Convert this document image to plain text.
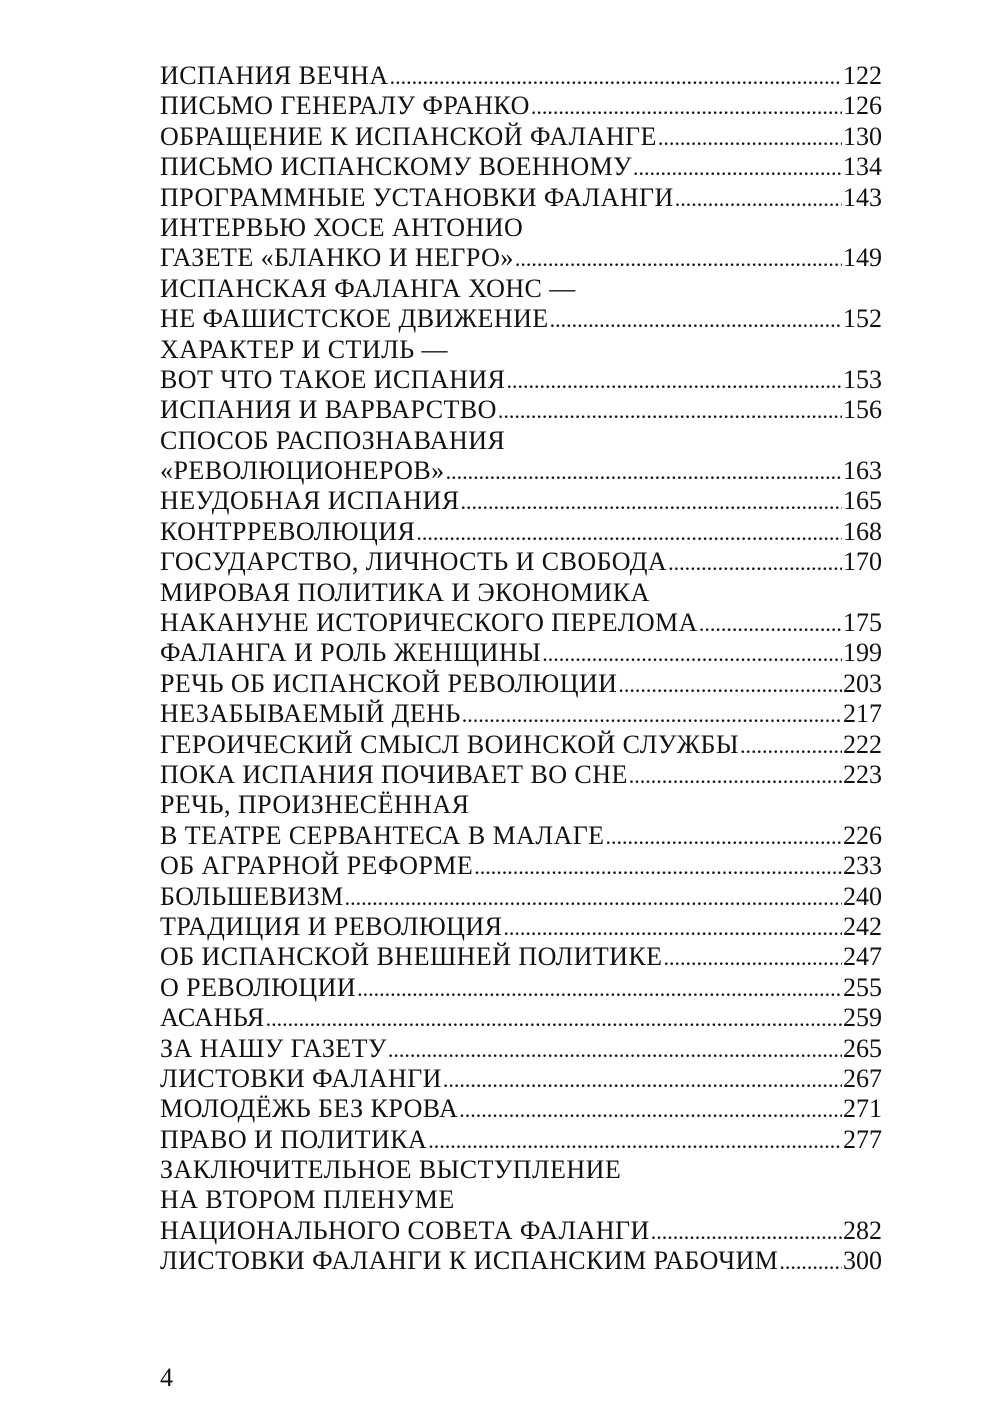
ИСПАНИЯ ВЕЧНА .....	122
ПИСЬМО ГЕНЕРАЛУ ФРАНКО .....	126
ОБРАЩЕНИЕ К ИСПАНСКОЙ ФАЛАНГЕ .....	130
ПИСЬМО ИСПАНСКОМУ ВОЕННОМУ .....	134
ПРОГРАММНЫЕ УСТАНОВКИ ФАЛАНГИ .....	143
ИНТЕРВЬЮ ХОСЕ АНТОНИО
ГАЗЕТЕ «БЛАНКО И НЕГРО» .....	149
ИСПАНСКАЯ ФАЛАНГА ХОНС —
НЕ ФАШИСТСКОЕ ДВИЖЕНИЕ .....	152
ХАРАКТЕР И СТИЛЬ —
ВОТ ЧТО ТАКОЕ ИСПАНИЯ .....	153
ИСПАНИЯ И ВАРВАРСТВО .....	156
СПОСОБ РАСПОЗНАВАНИЯ
«РЕВОЛЮЦИОНЕРОВ» .....	163
НЕУДОБНАЯ ИСПАНИЯ .....	165
КОНТРРЕВОЛЮЦИЯ .....	168
ГОСУДАРСТВО, ЛИЧНОСТЬ И СВОБОДА .....	170
МИРОВАЯ ПОЛИТИКА И ЭКОНОМИКА
НАКАНУНЕ ИСТОРИЧЕСКОГО ПЕРЕЛОМА .....	175
ФАЛАНГА И РОЛЬ ЖЕНЩИНЫ .....	199
РЕЧЬ ОБ ИСПАНСКОЙ РЕВОЛЮЦИИ .....	203
НЕЗАБЫВАЕМЫЙ ДЕНЬ .....	217
ГЕРОИЧЕСКИЙ СМЫСЛ ВОИНСКОЙ СЛУЖБЫ .....	222
ПОКА ИСПАНИЯ ПОЧИВАЕТ ВО СНЕ .....	223
РЕЧЬ, ПРОИЗНЕСЁННАЯ
В ТЕАТРЕ СЕРВАНТЕСА В МАЛАГЕ .....	226
ОБ АГРАРНОЙ РЕФОРМЕ .....	233
БОЛЬШЕВИЗМ .....	240
ТРАДИЦИЯ И РЕВОЛЮЦИЯ .....	242
ОБ ИСПАНСКОЙ ВНЕШНЕЙ ПОЛИТИКЕ .....	247
О РЕВОЛЮЦИИ .....	255
АСАНЬЯ .....	259
ЗА НАШУ ГАЗЕТУ .....	265
ЛИСТОВКИ ФАЛАНГИ .....	267
МОЛОДЁЖЬ БЕЗ КРОВА .....	271
ПРАВО И ПОЛИТИКА .....	277
ЗАКЛЮЧИТЕЛЬНОЕ ВЫСТУПЛЕНИЕ
НА ВТОРОМ ПЛЕНУМЕ
НАЦИОНАЛЬНОГО СОВЕТА ФАЛАНГИ .....	282
ЛИСТОВКИ ФАЛАНГИ К ИСПАНСКИМ РАБОЧИМ ..... 300
4
